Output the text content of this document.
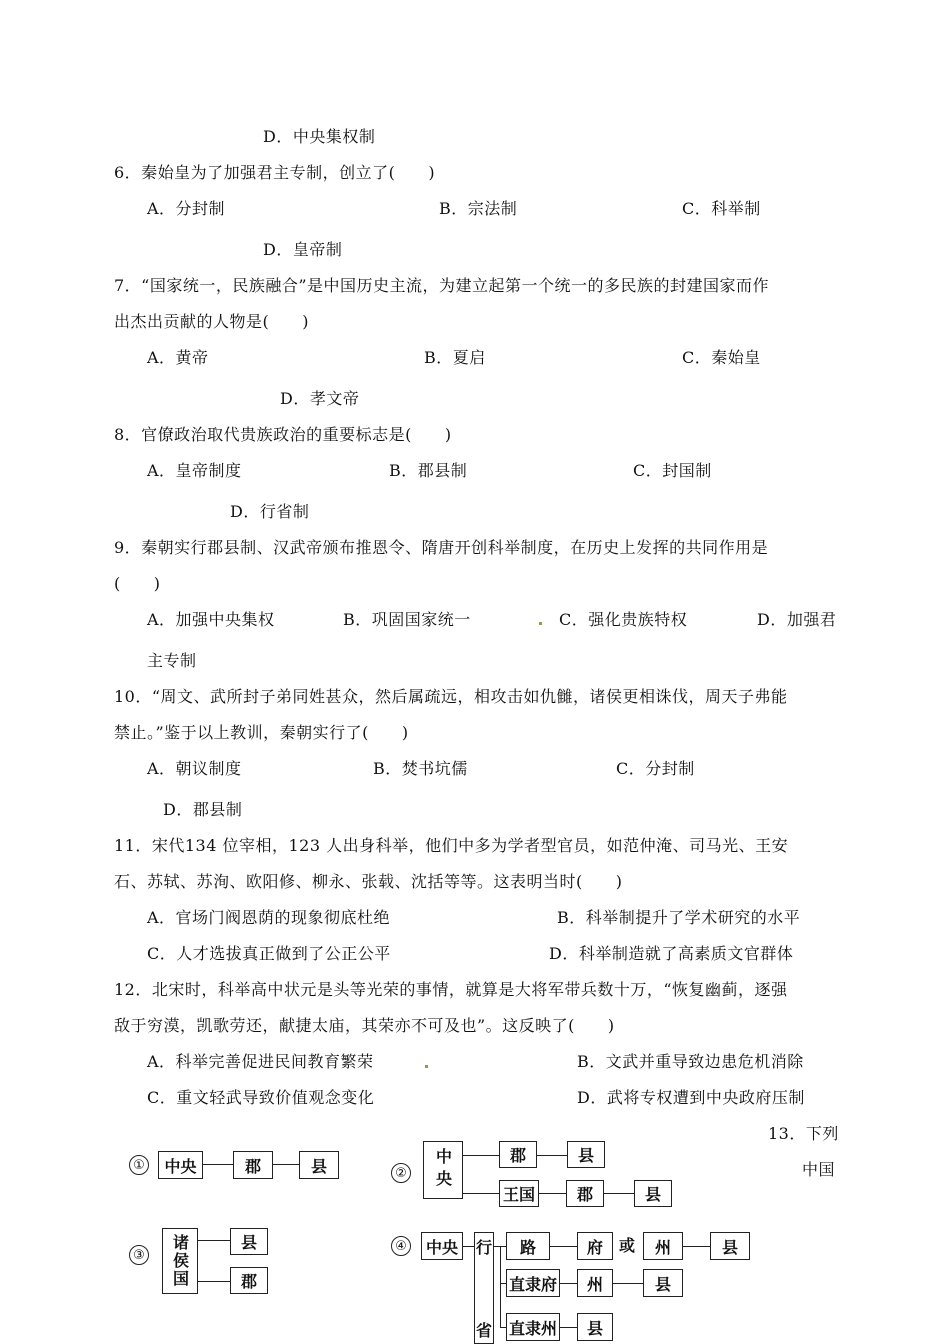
D．中央集权制
6．秦始皇为了加强君主专制，创立了(　　)
A．分封制	B．宗法制	C．科举制
D．皇帝制
7．“国家统一，民族融合”是中国历史主流，为建立起第一个统一的多民族的封建国家而作
出杰出贡献的人物是(　　)
A．黄帝	B．夏启	C．秦始皇
D．孝文帝
8．官僚政治取代贵族政治的重要标志是(　　)
A．皇帝制度	B．郡县制	C．封国制
D．行省制
9．秦朝实行郡县制、汉武帝颁布推恩令、隋唐开创科举制度，在历史上发挥的共同作用是
(　　)
A．加强中央集权	B．巩固国家统一	C．强化贵族特权	D．加强君
主专制
10．“周文、武所封子弟同姓甚众，然后属疏远，相攻击如仇雠，诸侯更相诛伐，周天子弗能
禁止。”鉴于以上教训，秦朝实行了(　　)
A．朝议制度	B．焚书坑儒	C．分封制
D．郡县制
11．宋代134 位宰相，123 人出身科举，他们中多为学者型官员，如范仲淹、司马光、王安
石、苏轼、苏洵、欧阳修、柳永、张载、沈括等等。这表明当时(　　)
A．官场门阀恩荫的现象彻底杜绝	B．科举制提升了学术研究的水平
C．人才选拔真正做到了公正公平	D．科举制造就了高素质文官群体
12．北宋时，科举高中状元是头等光荣的事情，就算是大将军带兵数十万，“恢复幽蓟，逐强
敌于穷漠，凯歌劳还，献捷太庙，其荣亦不可及也”。这反映了(　　)
A．科举完善促进民间教育繁荣	B．文武并重导致边患危机消除
C．重文轻武导致价值观念变化	D．武将专权遭到中央政府压制
13．下列
中国
①	中央	郡	县	②	中央	郡	县
王国	郡	县
③	诸侯国	县
郡
④	中央	行
省
路	府	或	州	县
直隶府	州	县
直隶州	县
